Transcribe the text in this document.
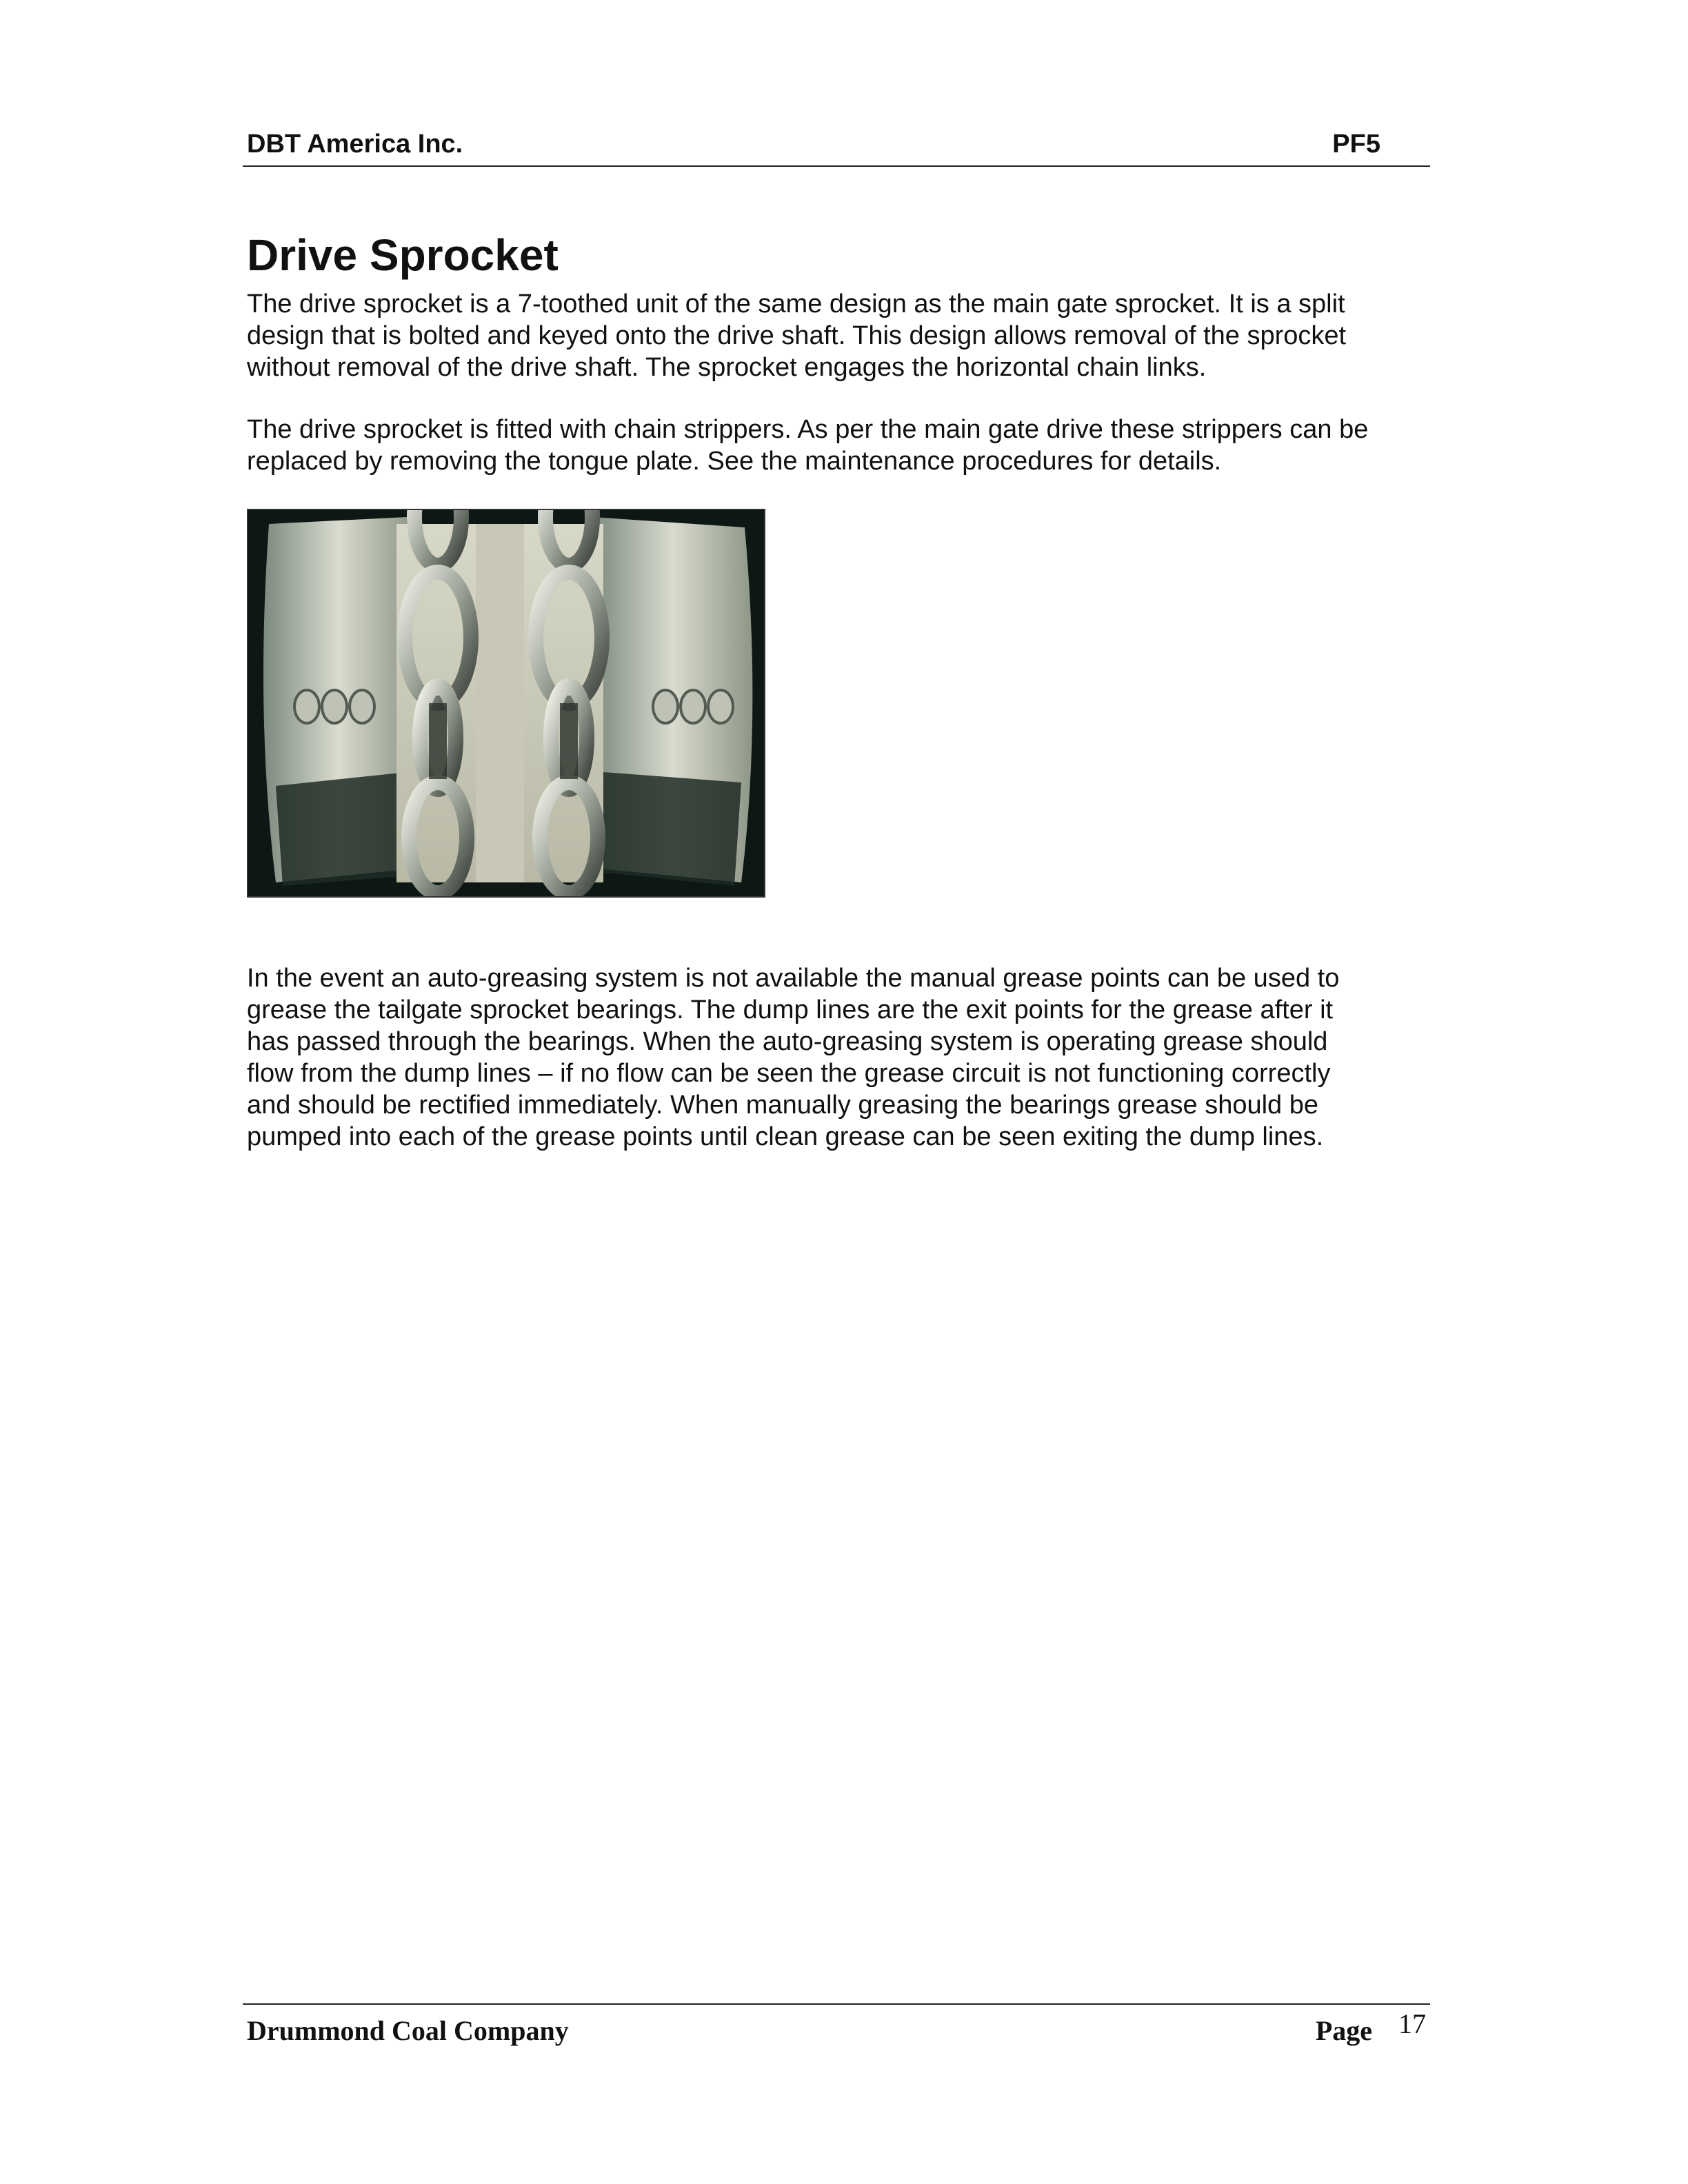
DBT America Inc.	PF5
Drive Sprocket

The drive sprocket is a 7-toothed unit of the same design as the main gate sprocket. It is a split
design that is bolted and keyed onto the drive shaft. This design allows removal of the sprocket
without removal of the drive shaft. The sprocket engages the horizontal chain links.

The drive sprocket is fitted with chain strippers. As per the main gate drive these strippers can be
replaced by removing the tongue plate. See the maintenance procedures for details.

In the event an auto-greasing system is not available the manual grease points can be used to
grease the tailgate sprocket bearings. The dump lines are the exit points for the grease after it
has passed through the bearings. When the auto-greasing system is operating grease should
flow from the dump lines – if no flow can be seen the grease circuit is not functioning correctly
and should be rectified immediately. When manually greasing the bearings grease should be
pumped into each of the grease points until clean grease can be seen exiting the dump lines.

Drummond Coal Company	Page 17
